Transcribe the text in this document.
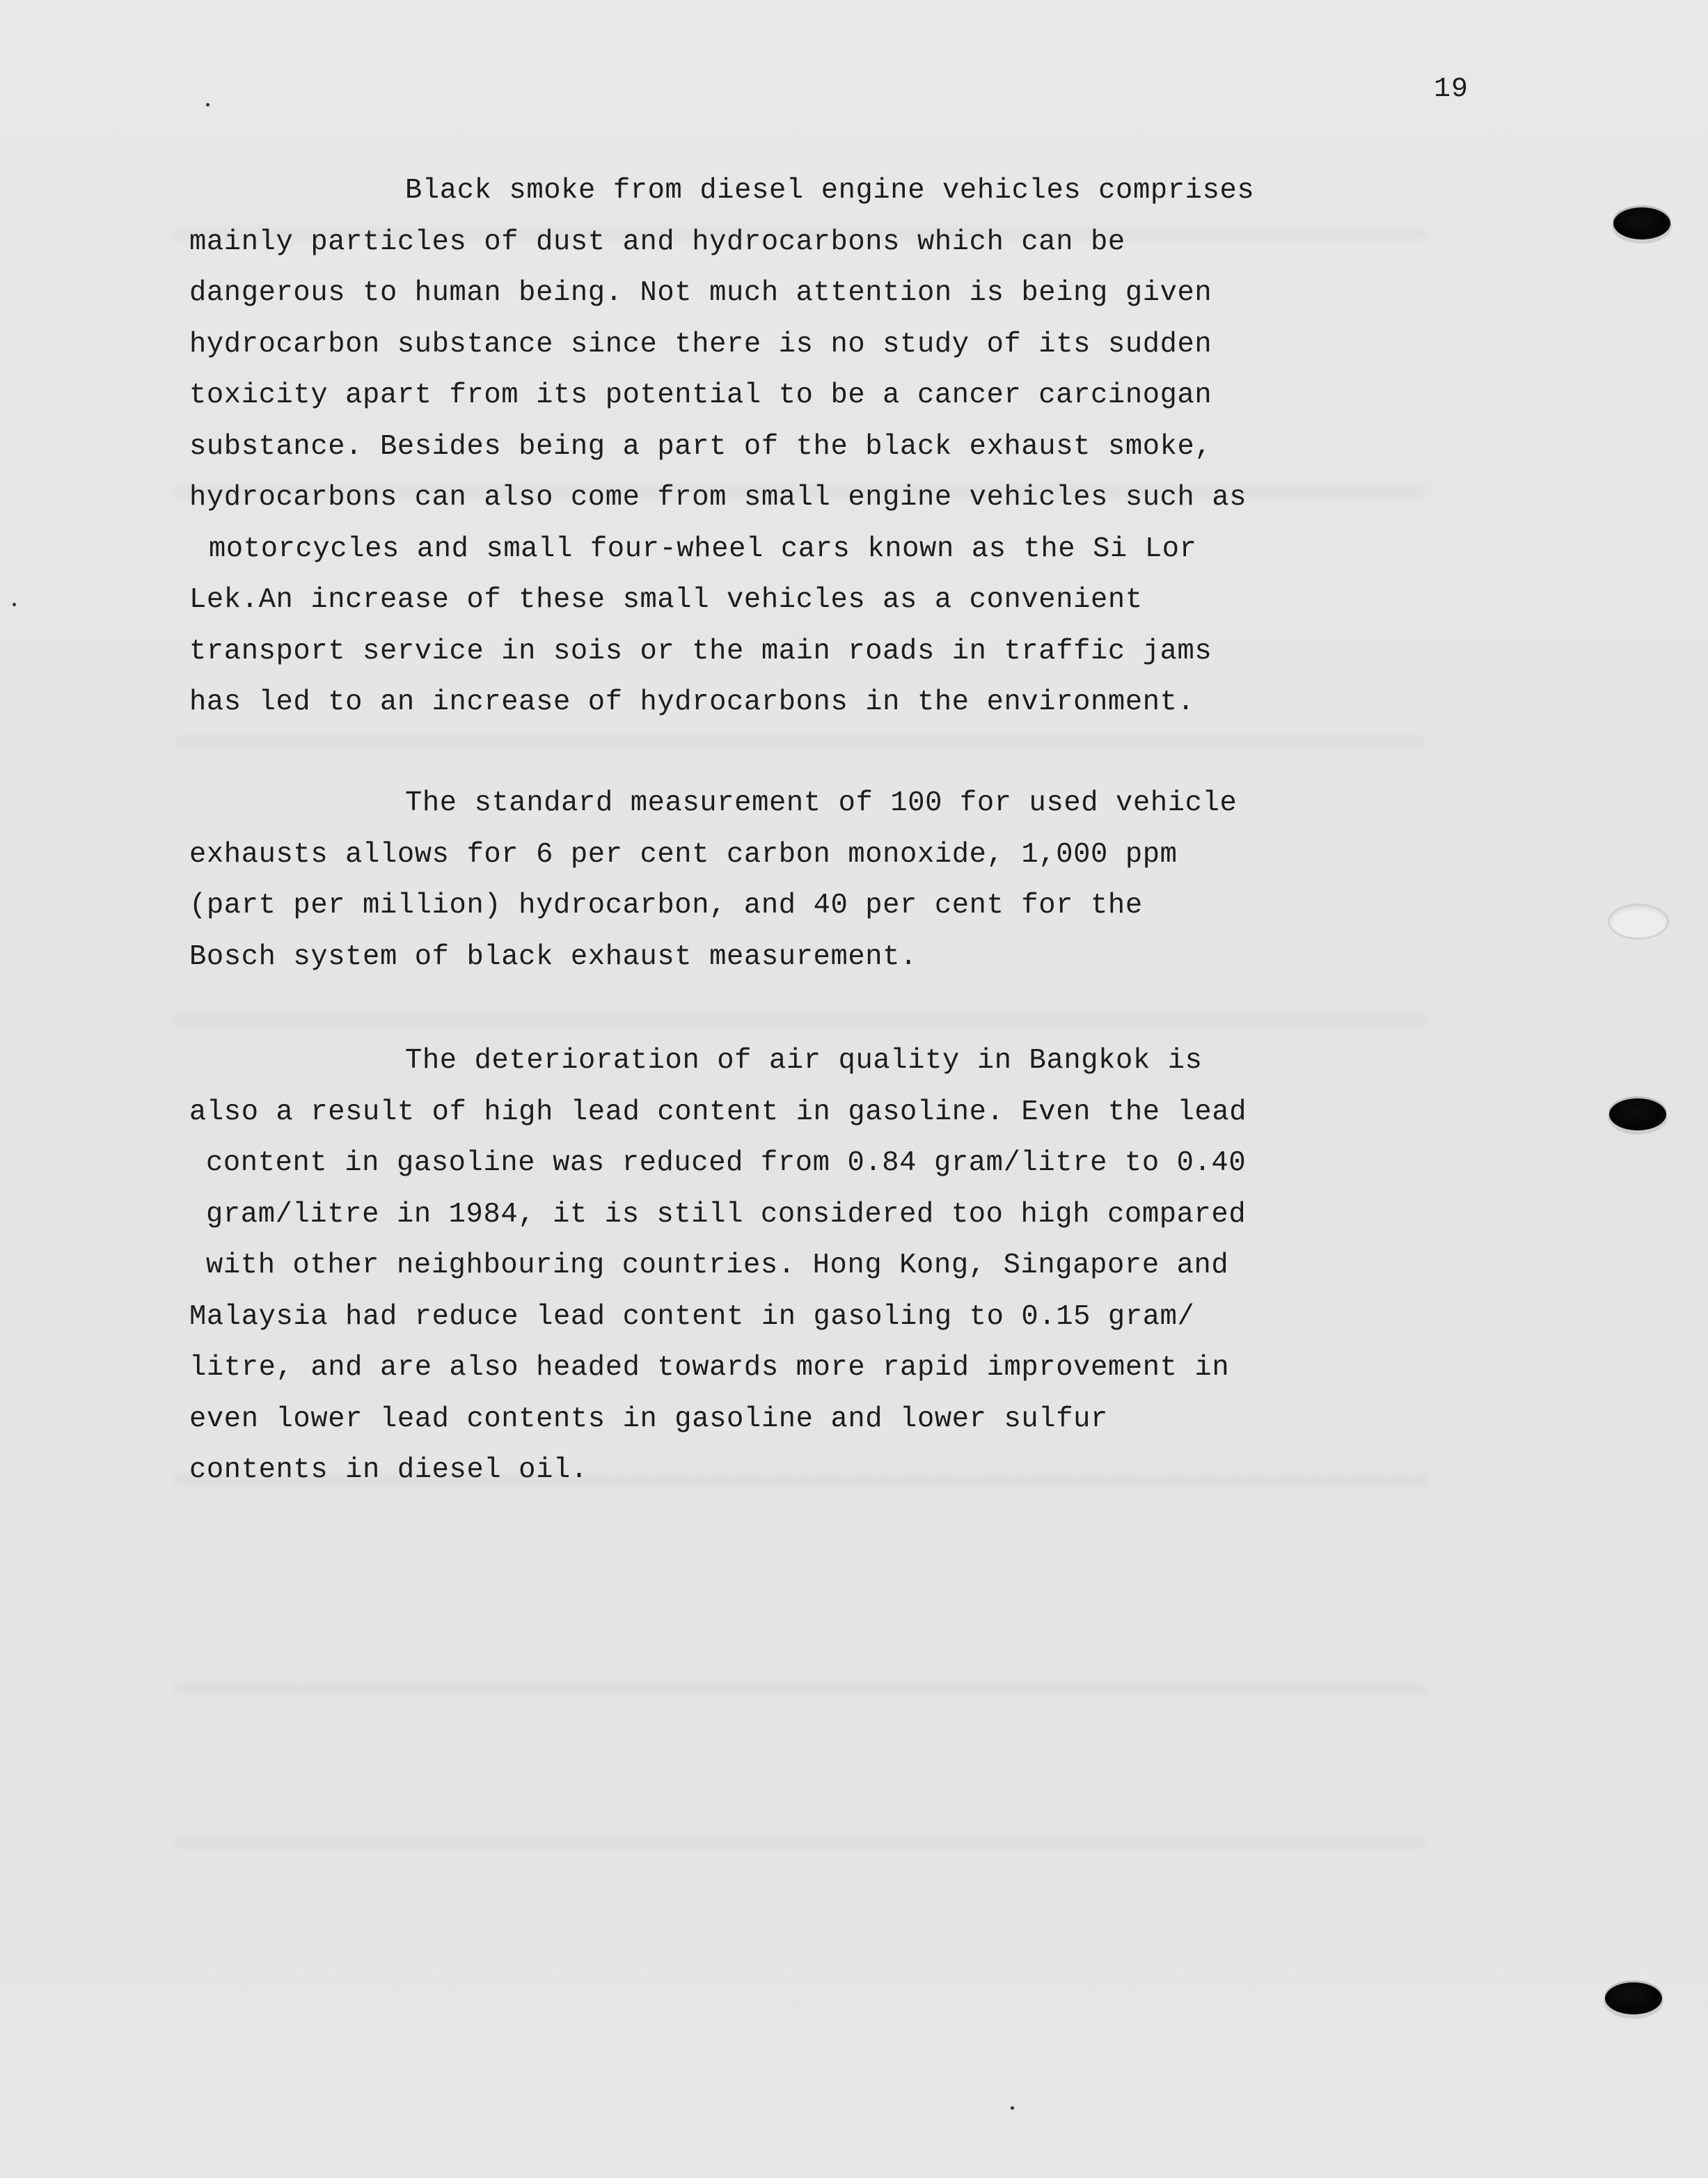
19

Black smoke from diesel engine vehicles comprises
mainly particles of dust and hydrocarbons which can be
dangerous to human being. Not much attention is being given
hydrocarbon substance since there is no study of its sudden
toxicity apart from its potential to be a cancer carcinogan
substance. Besides being a part of the black exhaust smoke,
hydrocarbons can also come from small engine vehicles such as
motorcycles and small four-wheel cars known as the Si Lor
Lek.An increase of these small vehicles as a convenient
transport service in sois or the main roads in traffic jams
has led to an increase of hydrocarbons in the environment.

The standard measurement of 100 for used vehicle
exhausts allows for 6 per cent carbon monoxide, 1,000 ppm
(part per million) hydrocarbon, and 40 per cent for the
Bosch system of black exhaust measurement.

The deterioration of air quality in Bangkok is
also a result of high lead content in gasoline. Even the lead
content in gasoline was reduced from 0.84 gram/litre to 0.40
gram/litre in 1984, it is still considered too high compared
with other neighbouring countries. Hong Kong, Singapore and
Malaysia had reduce lead content in gasoling to 0.15 gram/
litre, and are also headed towards more rapid improvement in
even lower lead contents in gasoline and lower sulfur
contents in diesel oil.
